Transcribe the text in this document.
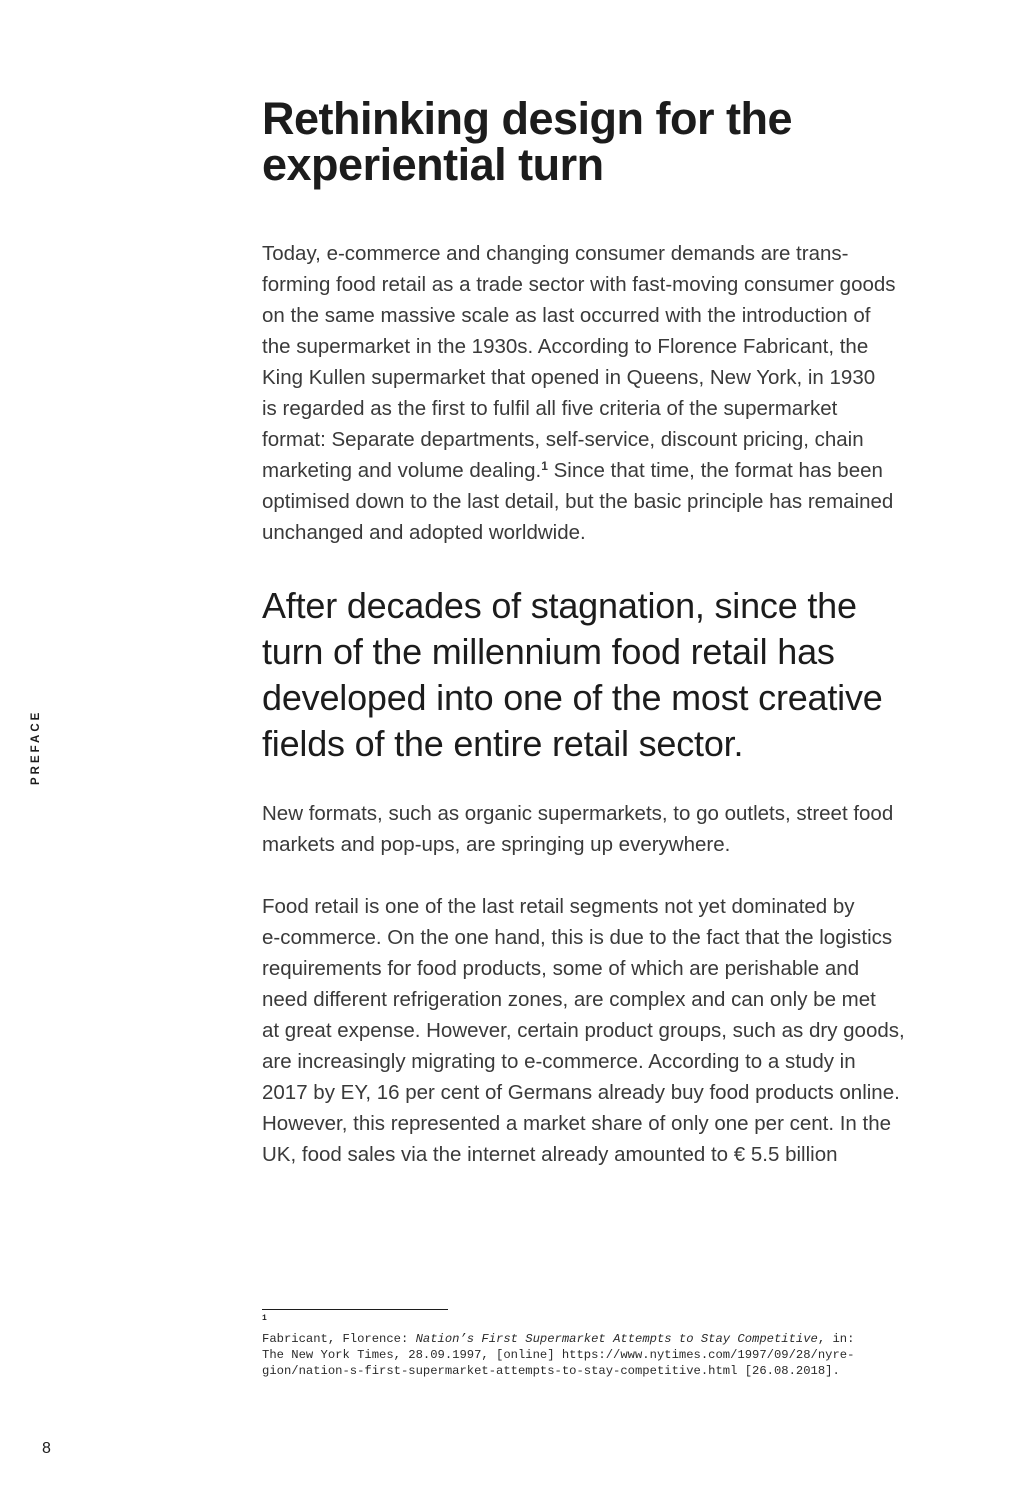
Rethinking design for the
experiential turn

Today, e-commerce and changing consumer demands are trans-
forming food retail as a trade sector with fast-moving consumer goods
on the same massive scale as last occurred with the introduction of
the supermarket in the 1930s. According to Florence Fabricant, the
King Kullen supermarket that opened in Queens, New York, in 1930
is regarded as the first to fulfil all five criteria of the supermarket
format: Separate departments, self-service, discount pricing, chain
marketing and volume dealing.$^1$ Since that time, the format has been
optimised down to the last detail, but the basic principle has remained
unchanged and adopted worldwide.

After decades of stagnation, since the
turn of the millennium food retail has
developed into one of the most creative
fields of the entire retail sector.

New formats, such as organic supermarkets, to go outlets, street food
markets and pop-ups, are springing up everywhere.

Food retail is one of the last retail segments not yet dominated by
e-commerce. On the one hand, this is due to the fact that the logistics
requirements for food products, some of which are perishable and
need different refrigeration zones, are complex and can only be met
at great expense. However, certain product groups, such as dry goods,
are increasingly migrating to e-commerce. According to a study in
2017 by EY, 16 per cent of Germans already buy food products online.
However, this represented a market share of only one per cent. In the
UK, food sales via the internet already amounted to € 5.5 billion

PREFACE
1
Fabricant, Florence: Nation’s First Supermarket Attempts to Stay Competitive, in:
The New York Times, 28.09.1997, [online] https://www.nytimes.com/1997/09/28/nyre-
gion/nation-s-first-supermarket-attempts-to-stay-competitive.html [26.08.2018].
8
